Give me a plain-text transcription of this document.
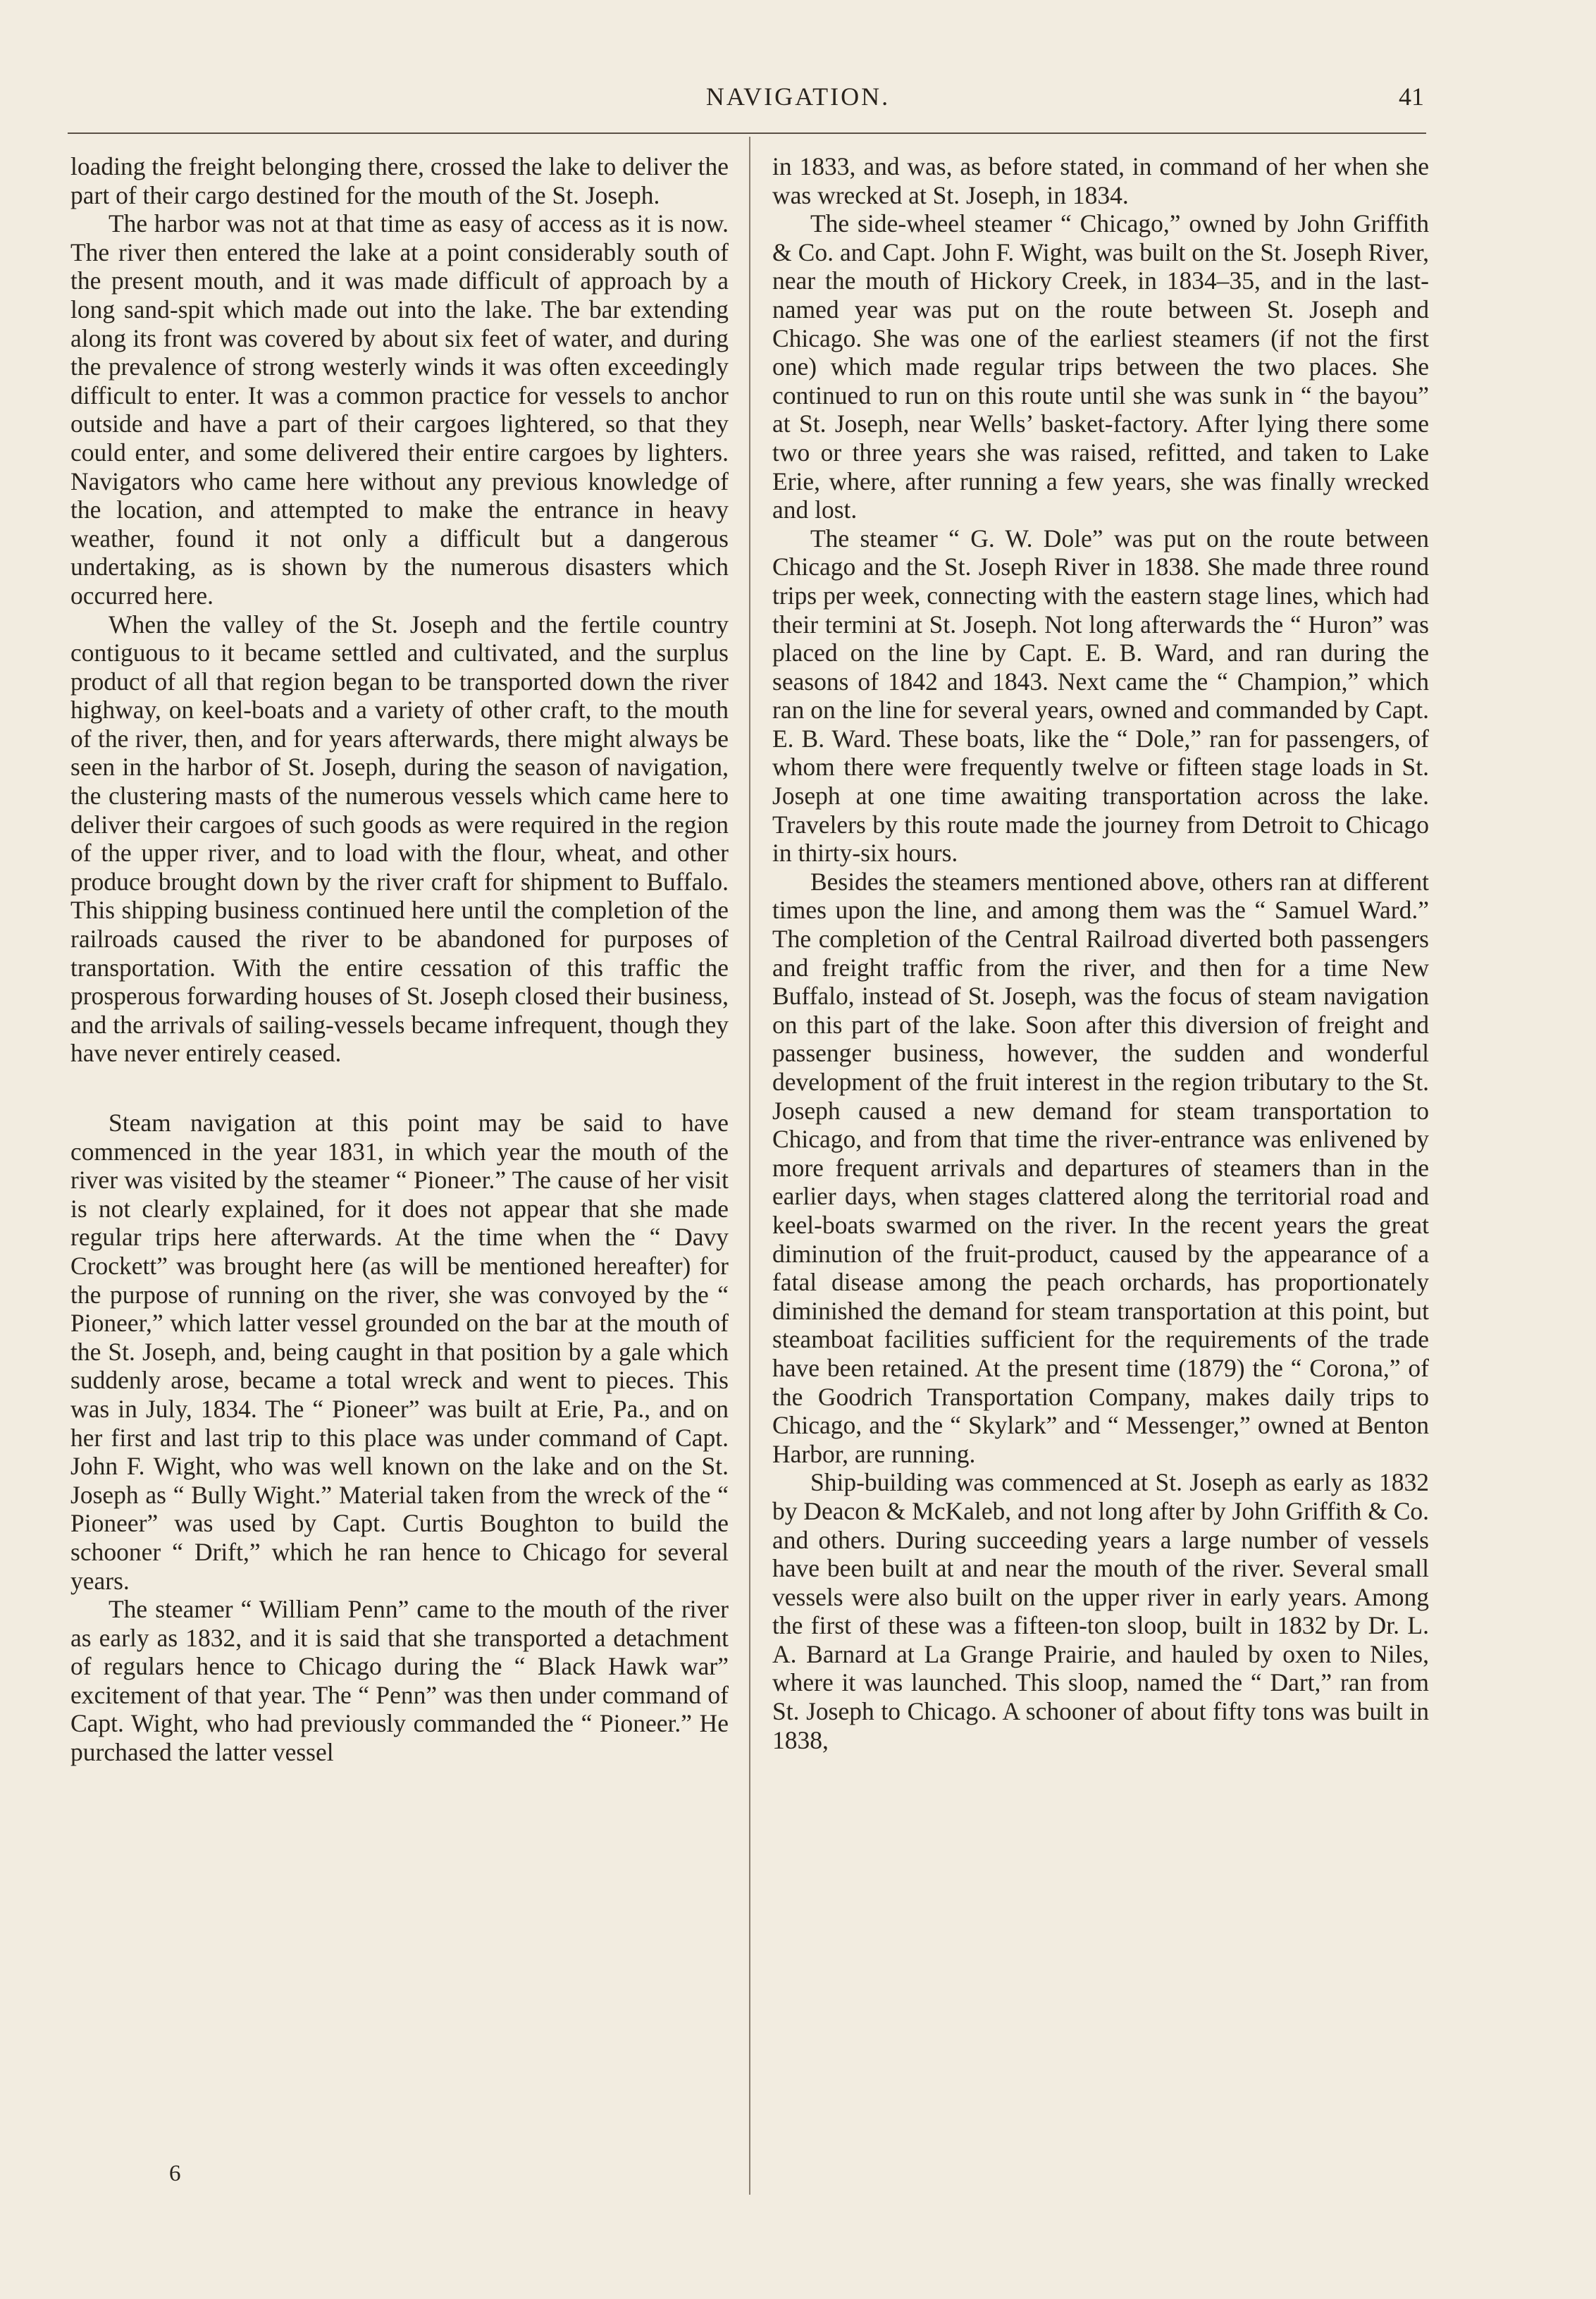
NAVIGATION.	41

loading the freight belonging there, crossed the lake to deliver the part of their cargo destined for the mouth of the St. Joseph.

The harbor was not at that time as easy of access as it is now. The river then entered the lake at a point considerably south of the present mouth, and it was made difficult of approach by a long sand-spit which made out into the lake. The bar extending along its front was covered by about six feet of water, and during the prevalence of strong westerly winds it was often exceedingly difficult to enter. It was a common practice for vessels to anchor outside and have a part of their cargoes lightered, so that they could enter, and some delivered their entire cargoes by lighters. Navigators who came here without any previous knowledge of the location, and attempted to make the entrance in heavy weather, found it not only a difficult but a dangerous undertaking, as is shown by the numerous disasters which occurred here.

When the valley of the St. Joseph and the fertile country contiguous to it became settled and cultivated, and the surplus product of all that region began to be transported down the river highway, on keel-boats and a variety of other craft, to the mouth of the river, then, and for years afterwards, there might always be seen in the harbor of St. Joseph, during the season of navigation, the clustering masts of the numerous vessels which came here to deliver their cargoes of such goods as were required in the region of the upper river, and to load with the flour, wheat, and other produce brought down by the river craft for shipment to Buffalo. This shipping business continued here until the completion of the railroads caused the river to be abandoned for purposes of transportation. With the entire cessation of this traffic the prosperous forwarding houses of St. Joseph closed their business, and the arrivals of sailing-vessels became infrequent, though they have never entirely ceased.

Steam navigation at this point may be said to have commenced in the year 1831, in which year the mouth of the river was visited by the steamer “ Pioneer.” The cause of her visit is not clearly explained, for it does not appear that she made regular trips here afterwards. At the time when the “ Davy Crockett” was brought here (as will be mentioned hereafter) for the purpose of running on the river, she was convoyed by the “ Pioneer,” which latter vessel grounded on the bar at the mouth of the St. Joseph, and, being caught in that position by a gale which suddenly arose, became a total wreck and went to pieces. This was in July, 1834. The “ Pioneer” was built at Erie, Pa., and on her first and last trip to this place was under command of Capt. John F. Wight, who was well known on the lake and on the St. Joseph as “ Bully Wight.” Material taken from the wreck of the “ Pioneer” was used by Capt. Curtis Boughton to build the schooner “ Drift,” which he ran hence to Chicago for several years.

The steamer “ William Penn” came to the mouth of the river as early as 1832, and it is said that she transported a detachment of regulars hence to Chicago during the “ Black Hawk war” excitement of that year. The “ Penn” was then under command of Capt. Wight, who had previously commanded the “ Pioneer.” He purchased the latter vessel

in 1833, and was, as before stated, in command of her when she was wrecked at St. Joseph, in 1834.

The side-wheel steamer “ Chicago,” owned by John Griffith & Co. and Capt. John F. Wight, was built on the St. Joseph River, near the mouth of Hickory Creek, in 1834–35, and in the last-named year was put on the route between St. Joseph and Chicago. She was one of the earliest steamers (if not the first one) which made regular trips between the two places. She continued to run on this route until she was sunk in “ the bayou” at St. Joseph, near Wells’ basket-factory. After lying there some two or three years she was raised, refitted, and taken to Lake Erie, where, after running a few years, she was finally wrecked and lost.

The steamer “ G. W. Dole” was put on the route between Chicago and the St. Joseph River in 1838. She made three round trips per week, connecting with the eastern stage lines, which had their termini at St. Joseph. Not long afterwards the “ Huron” was placed on the line by Capt. E. B. Ward, and ran during the seasons of 1842 and 1843. Next came the “ Champion,” which ran on the line for several years, owned and commanded by Capt. E. B. Ward. These boats, like the “ Dole,” ran for passengers, of whom there were frequently twelve or fifteen stage loads in St. Joseph at one time awaiting transportation across the lake. Travelers by this route made the journey from Detroit to Chicago in thirty-six hours.

Besides the steamers mentioned above, others ran at different times upon the line, and among them was the “ Samuel Ward.” The completion of the Central Railroad diverted both passengers and freight traffic from the river, and then for a time New Buffalo, instead of St. Joseph, was the focus of steam navigation on this part of the lake. Soon after this diversion of freight and passenger business, however, the sudden and wonderful development of the fruit interest in the region tributary to the St. Joseph caused a new demand for steam transportation to Chicago, and from that time the river-entrance was enlivened by more frequent arrivals and departures of steamers than in the earlier days, when stages clattered along the territorial road and keel-boats swarmed on the river. In the recent years the great diminution of the fruit-product, caused by the appearance of a fatal disease among the peach orchards, has proportionately diminished the demand for steam transportation at this point, but steamboat facilities sufficient for the requirements of the trade have been retained. At the present time (1879) the “ Corona,” of the Goodrich Transportation Company, makes daily trips to Chicago, and the “ Skylark” and “ Messenger,” owned at Benton Harbor, are running.

Ship-building was commenced at St. Joseph as early as 1832 by Deacon & McKaleb, and not long after by John Griffith & Co. and others. During succeeding years a large number of vessels have been built at and near the mouth of the river. Several small vessels were also built on the upper river in early years. Among the first of these was a fifteen-ton sloop, built in 1832 by Dr. L. A. Barnard at La Grange Prairie, and hauled by oxen to Niles, where it was launched. This sloop, named the “ Dart,” ran from St. Joseph to Chicago. A schooner of about fifty tons was built in 1838,

6
